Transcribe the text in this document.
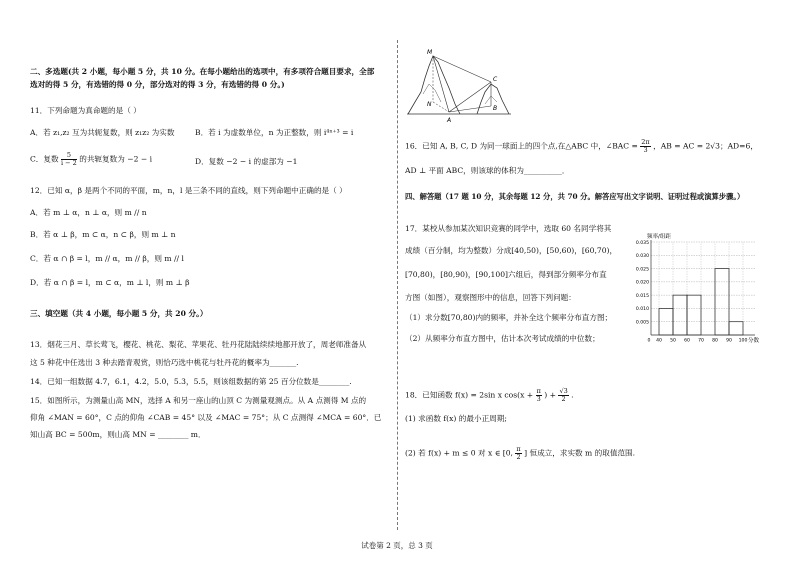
二、多选题(共 2 小题，每小题 5 分，共 10 分。在每小题给出的选项中，有多项符合题目要求，全部
选对的得 5 分，有选错的得 0 分，部分选对的得 3 分，有选错的得 0 分。)
11．下列命题为真命题的是（ ）
A．若 z₁,z₂ 互为共轭复数，则 z₁z₂ 为实数	B．若 i 为虚数单位，n 为正整数，则 i⁴ⁿ⁺³ = i
C．复数 $\frac{5}{i - 2}$ 的共轭复数为 −2 − i	D．复数 −2 − i 的虚部为 −1
12．已知 α，β 是两个不同的平面，m，n，l 是三条不同的直线，则下列命题中正确的是（ ）
A．若 m ⊥ α，n ⊥ α，则 m // n
B．若 α ⊥ β，m ⊂ α，n ⊂ β，则 m ⊥ n
C．若 α ∩ β = l，m // α，m // β，则 m // l
D．若 α ∩ β = l，m ⊂ α，m ⊥ l，则 m ⊥ β
三、填空题（共 4 小题，每小题 5 分，共 20 分。）
13．烟花三月、草长莺飞，樱花、桃花、梨花、苹果花、牡丹花陆陆续续地都开放了，周老师准备从
这 5 种花中任选出 3 种去踏青观赏，则恰巧选中桃花与牡丹花的概率为_______.
14．已知一组数据 4.7，6.1，4.2，5.0，5.3，5.5，则该组数据的第 25 百分位数是________.
15．如图所示，为测量山高 MN，选择 A 和另一座山的山顶 C 为测量观测点。从 A 点测得 M 点的
仰角 ∠MAN = 60°，C 点的仰角 ∠CAB = 45° 以及 ∠MAC = 75°；从 C 点测得 ∠MCA = 60°．已
知山高 BC = 500m，则山高 MN = ________ m．
M
C
N
B
A
16．已知 A, B, C, D 为同一球面上的四个点,在△ABC 中，∠BAC = $\frac{2\pi}{3}$ ，AB = AC = 2√3；AD=6，
AD ⊥ 平面 ABC，则该球的体积为__________．
四、解答题（17 题 10 分，其余每题 12 分，共 70 分。解答应写出文字说明、证明过程或演算步骤。）
17．某校从参加某次知识竞赛的同学中，选取 60 名同学将其
成绩（百分制，均为整数）分成[40,50)，[50,60)，[60,70)，
[70,80)，[80,90)，[90,100]六组后，得到部分频率分布直
方图（如图），观察图形中的信息，回答下列问题：
（1）求分数[70,80)内的频率，并补全这个频率分布直方图；
（2）从频率分布直方图中，估计本次考试成绩的中位数；
频率/组距
分数
0.035
0.030
0.025
0.020
0.015
0.010
0.005
0 40 50 60 70 80 90 100
18．已知函数 f(x) = 2sin x $\cos(x + \frac{\pi}{3}$ ) + $\frac{√3}{2}$ .
(1) 求函数 f(x) 的最小正周期;
(2) 若 f(x) + m ≤ 0 对 x ∈ [0, $\frac{\pi}{2}$ ] 恒成立，求实数 m 的取值范围.
试卷第 2 页，总 3 页
